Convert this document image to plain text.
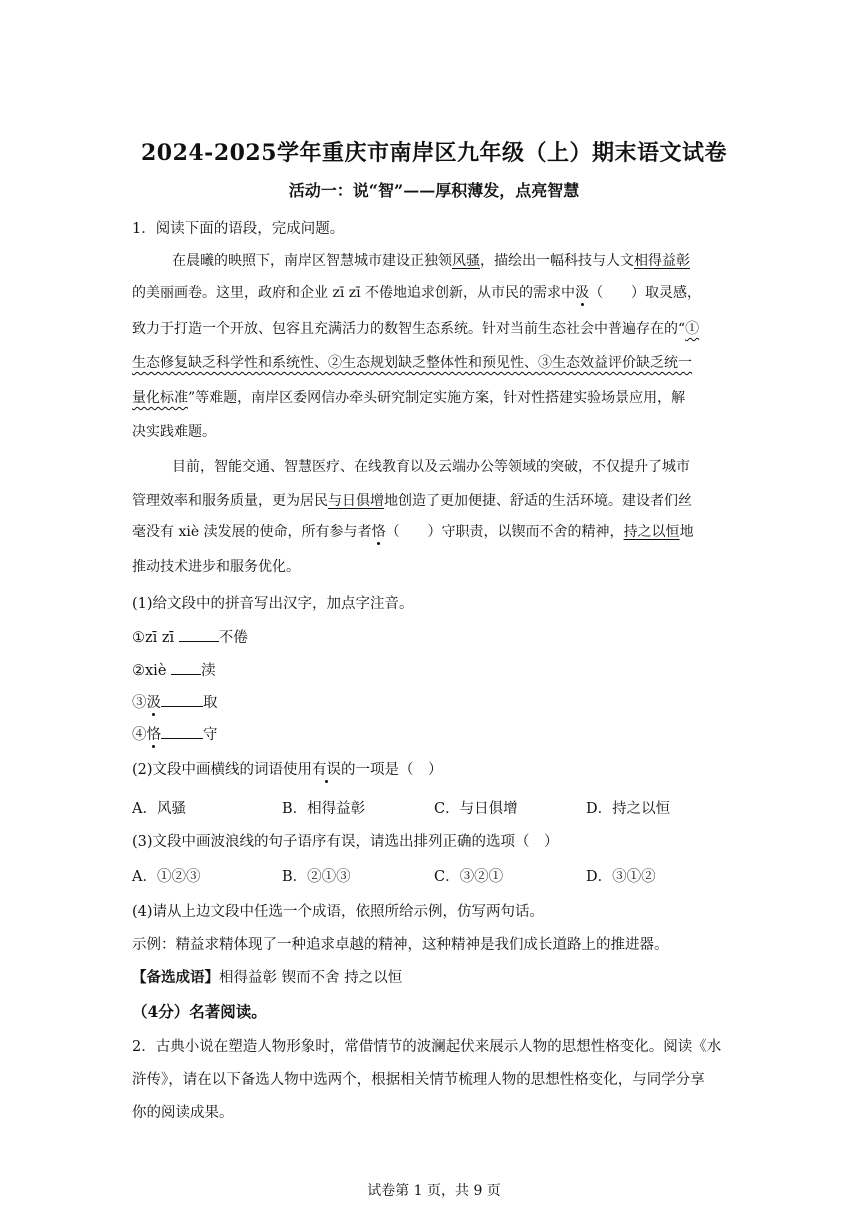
2024-2025学年重庆市南岸区九年级（上）期末语文试卷
活动一：说“智”——厚积薄发，点亮智慧
1．阅读下面的语段，完成问题。
在晨曦的映照下，南岸区智慧城市建设正独领风骚，描绘出一幅科技与人文相得益彰
的美丽画卷。这里，政府和企业 zī zī 不倦地追求创新，从市民的需求中汲（　　）取灵感，
致力于打造一个开放、包容且充满活力的数智生态系统。针对当前生态社会中普遍存在的“①
生态修复缺乏科学性和系统性、②生态规划缺乏整体性和预见性、③生态效益评价缺乏统一
量化标准”等难题，南岸区委网信办牵头研究制定实施方案，针对性搭建实验场景应用，解
决实践难题。
目前，智能交通、智慧医疗、在线教育以及云端办公等领域的突破，不仅提升了城市
管理效率和服务质量，更为居民与日俱增地创造了更加便捷、舒适的生活环境。建设者们丝
毫没有 xiè 渎发展的使命，所有参与者恪（　　）守职责，以锲而不舍的精神，持之以恒地
推动技术进步和服务优化。
(1)给文段中的拼音写出汉字，加点字注音。
①zī zī	不倦
②xiè 渎
③汲	取
④恪	守
(2)文段中画横线的词语使用有误的一项是（　）
A．风骚	B．相得益彰	C．与日俱增	D．持之以恒
(3)文段中画波浪线的句子语序有误，请选出排列正确的选项（　）
A．①②③	B．②①③	C．③②①	D．③①②
(4)请从上边文段中任选一个成语，依照所给示例，仿写两句话。
示例：精益求精体现了一种追求卓越的精神，这种精神是我们成长道路上的推进器。
【备选成语】相得益彰 锲而不舍 持之以恒
（4分）名著阅读。
2．古典小说在塑造人物形象时，常借情节的波澜起伏来展示人物的思想性格变化。阅读《水
浒传》，请在以下备选人物中选两个，根据相关情节梳理人物的思想性格变化，与同学分享
你的阅读成果。
试卷第 1 页，共 9 页
